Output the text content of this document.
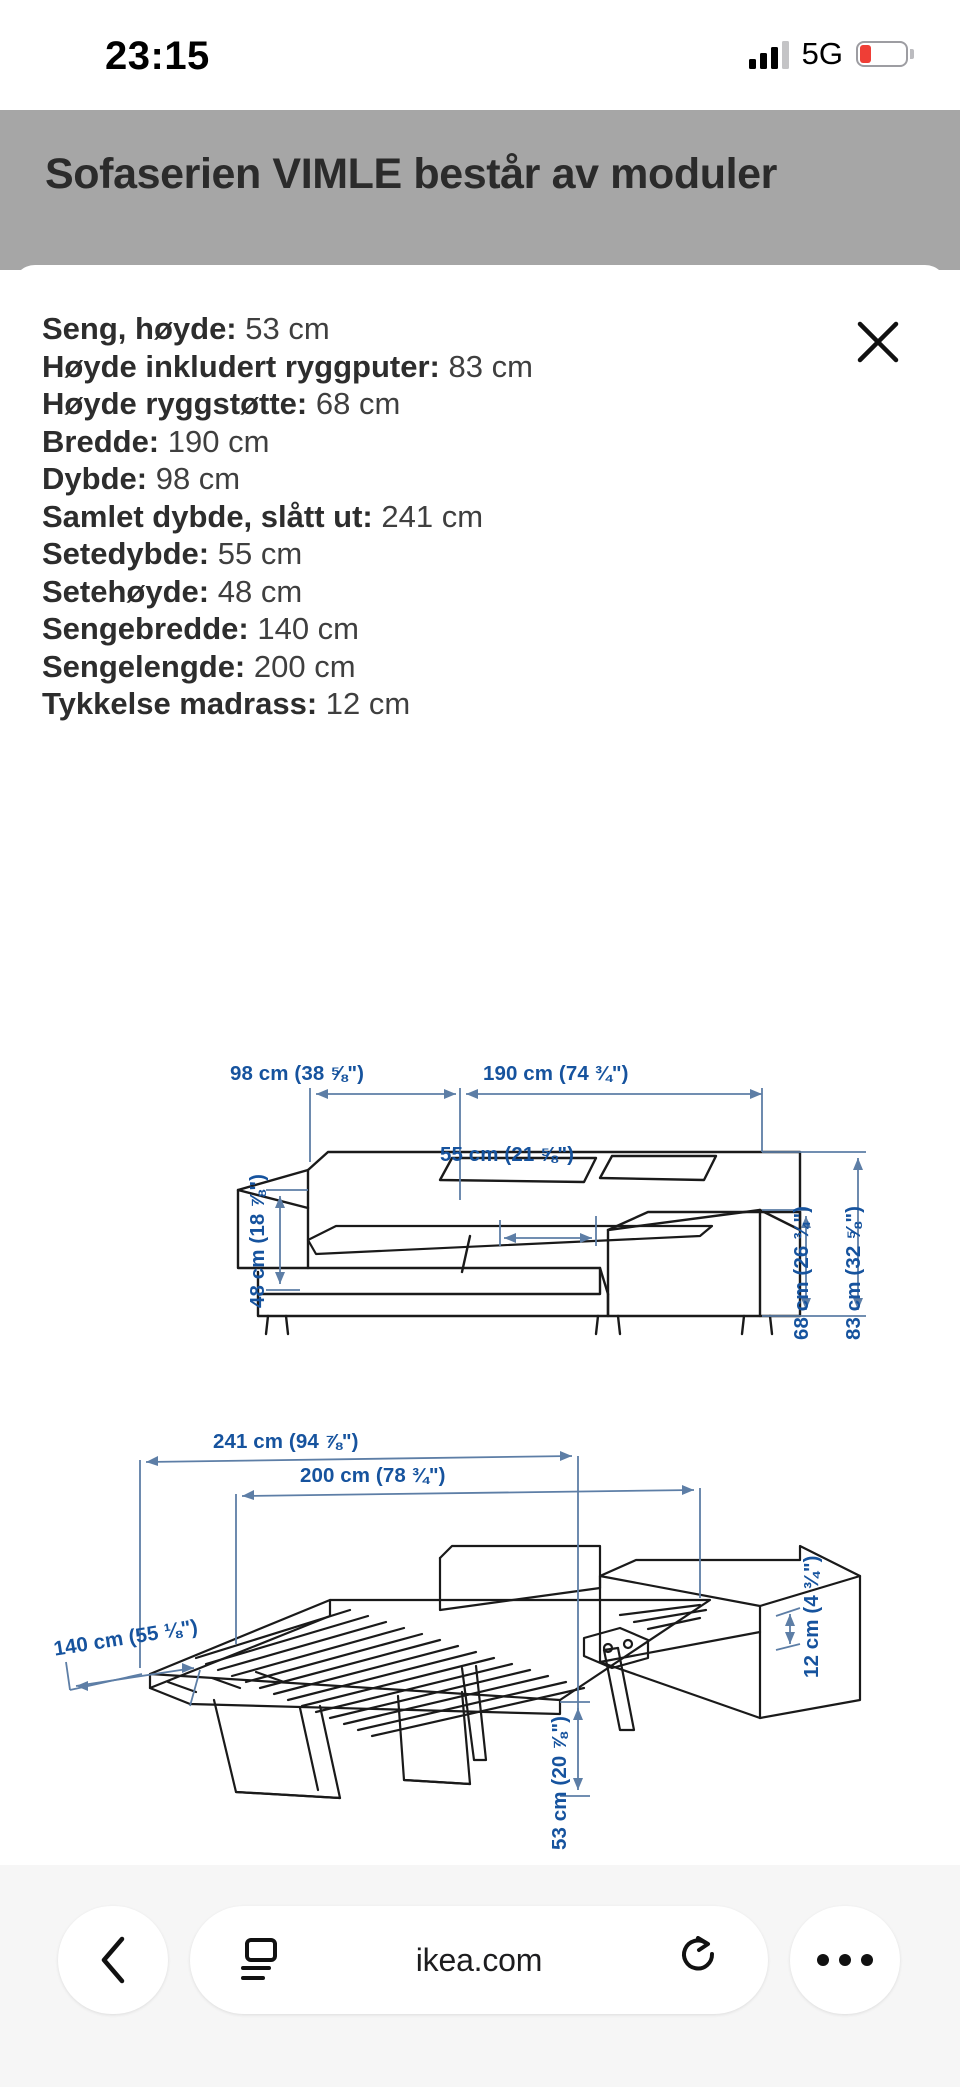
23:15	5G
Sofaserien VIMLE består av moduler
Seng, høyde: 53 cm
Høyde inkludert ryggputer: 83 cm
Høyde ryggstøtte: 68 cm
Bredde: 190 cm
Dybde: 98 cm
Samlet dybde, slått ut: 241 cm
Setedybde: 55 cm
Setehøyde: 48 cm
Sengebredde: 140 cm
Sengelengde: 200 cm
Tykkelse madrass: 12 cm
98 cm (38 ⅝")	190 cm (74 ¾")
55 cm (21 ⅝")
48 cm (18 ⅞")	68 cm (26 ¾") 83 cm (32 ⅝")
241 cm (94 ⅞")
200 cm (78 ¾")
140 cm (55 ⅛")	12 cm (4 ¾")
53 cm (20 ⅞")
ikea.com
